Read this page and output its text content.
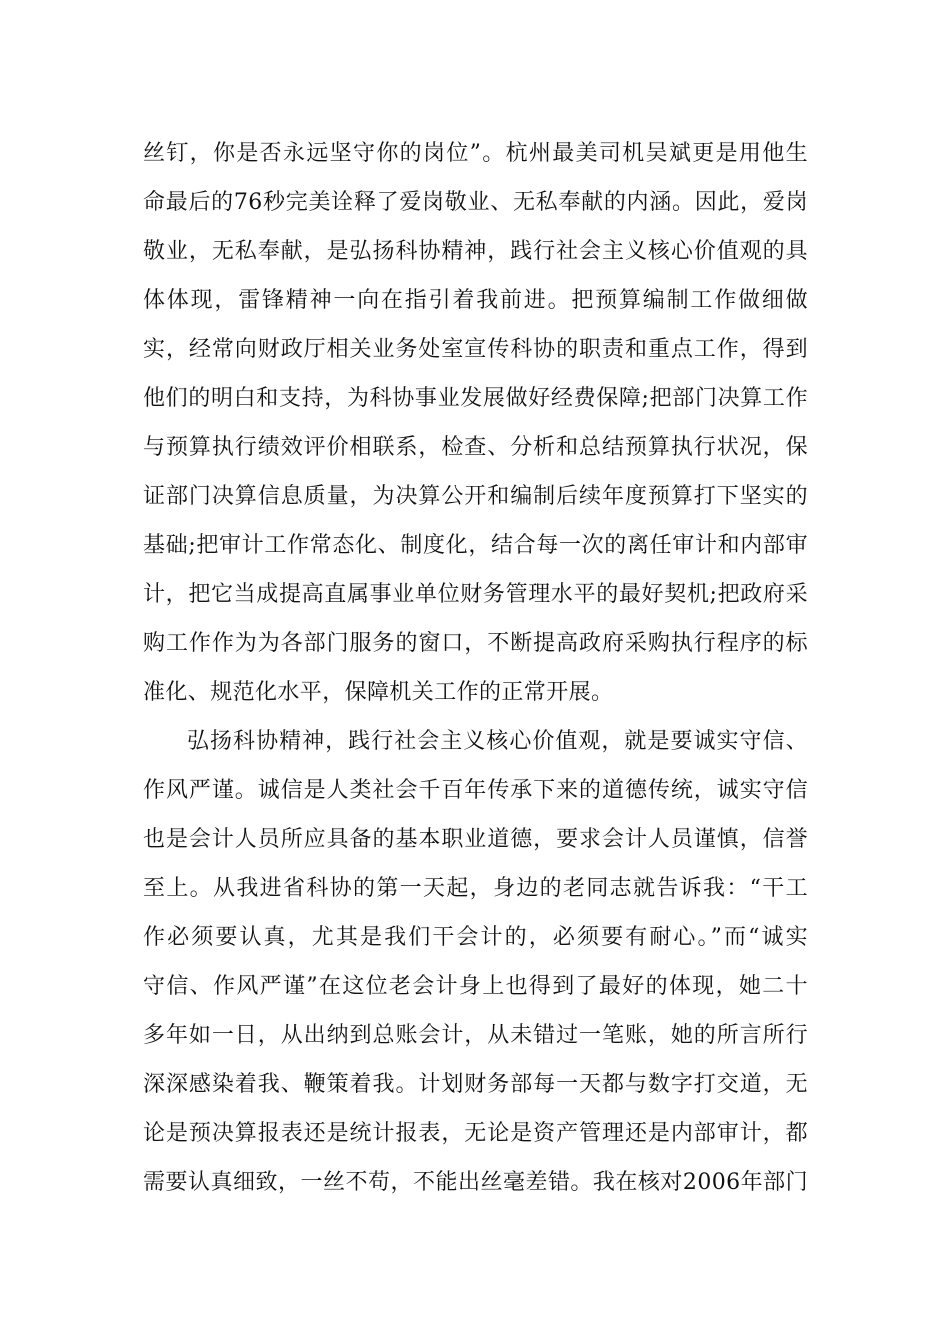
丝钉，你是否永远坚守你的岗位”。杭州最美司机吴斌更是用他生
命最后的76秒完美诠释了爱岗敬业、无私奉献的内涵。因此，爱岗
敬业，无私奉献，是弘扬科协精神，践行社会主义核心价值观的具
体体现，雷锋精神一向在指引着我前进。把预算编制工作做细做
实，经常向财政厅相关业务处室宣传科协的职责和重点工作，得到
他们的明白和支持，为科协事业发展做好经费保障;把部门决算工作
与预算执行绩效评价相联系，检查、分析和总结预算执行状况，保
证部门决算信息质量，为决算公开和编制后续年度预算打下坚实的
基础;把审计工作常态化、制度化，结合每一次的离任审计和内部审
计，把它当成提高直属事业单位财务管理水平的最好契机;把政府采
购工作作为为各部门服务的窗口，不断提高政府采购执行程序的标
准化、规范化水平，保障机关工作的正常开展。
弘扬科协精神，践行社会主义核心价值观，就是要诚实守信、
作风严谨。诚信是人类社会千百年传承下来的道德传统，诚实守信
也是会计人员所应具备的基本职业道德，要求会计人员谨慎，信誉
至上。从我进省科协的第一天起，身边的老同志就告诉我：“干工
作必须要认真，尤其是我们干会计的，必须要有耐心。”而“诚实
守信、作风严谨”在这位老会计身上也得到了最好的体现，她二十
多年如一日，从出纳到总账会计，从未错过一笔账，她的所言所行
深深感染着我、鞭策着我。计划财务部每一天都与数字打交道，无
论是预决算报表还是统计报表，无论是资产管理还是内部审计，都
需要认真细致，一丝不苟，不能出丝毫差错。我在核对2006年部门
